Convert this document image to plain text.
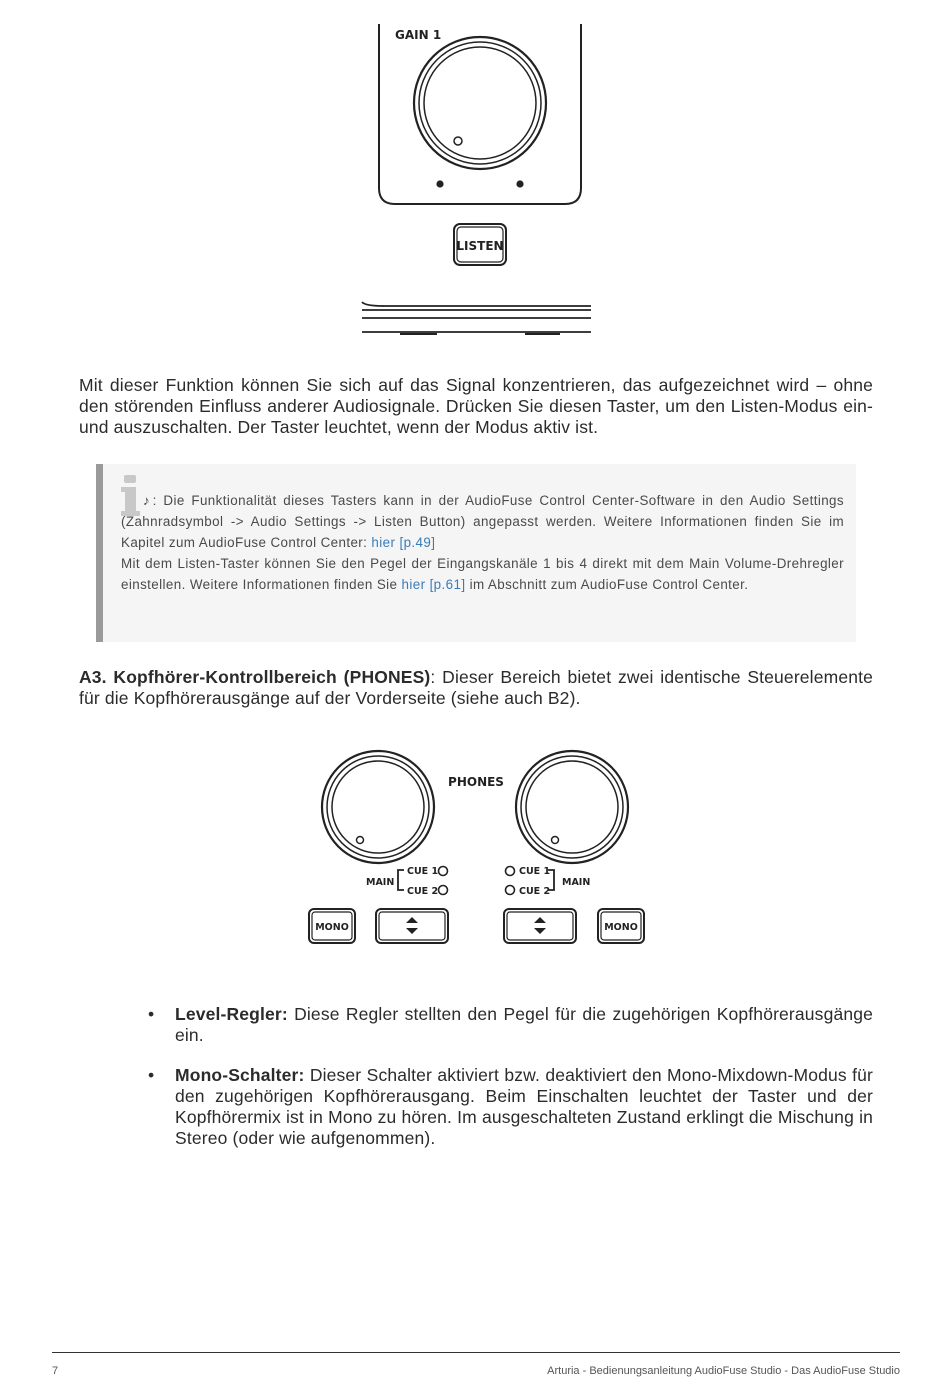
GAIN 1
LISTEN

Mit dieser Funktion können Sie sich auf das Signal konzentrieren, das aufgezeichnet wird – ohne den störenden Einfluss anderer Audiosignale. Drücken Sie diesen Taster, um den Listen-Modus ein- und auszuschalten. Der Taster leuchtet, wenn der Modus aktiv ist.

♪: Die Funktionalität dieses Tasters kann in der AudioFuse Control Center-Software in den Audio Settings (Zahnradsymbol -> Audio Settings -> Listen Button) angepasst werden. Weitere Informationen finden Sie im Kapitel zum AudioFuse Control Center: hier [p.49]
Mit dem Listen-Taster können Sie den Pegel der Eingangskanäle 1 bis 4 direkt mit dem Main Volume-Drehregler einstellen. Weitere Informationen finden Sie hier [p.61] im Abschnitt zum AudioFuse Control Center.

A3. Kopfhörer-Kontrollbereich (PHONES): Dieser Bereich bietet zwei identische Steuerelemente für die Kopfhörerausgänge auf der Vorderseite (siehe auch B2).

PHONES
MAIN
CUE 1
CUE 2
CUE 1
CUE 2
MAIN
MONO	MONO
• Level-Regler: Diese Regler stellten den Pegel für die zugehörigen Kopfhörerausgänge ein.
• Mono-Schalter: Dieser Schalter aktiviert bzw. deaktiviert den Mono-Mixdown-Modus für den zugehörigen Kopfhörerausgang. Beim Einschalten leuchtet der Taster und der Kopfhörermix ist in Mono zu hören. Im ausgeschalteten Zustand erklingt die Mischung in Stereo (oder wie aufgenommen).
7	Arturia - Bedienungsanleitung AudioFuse Studio - Das AudioFuse Studio
